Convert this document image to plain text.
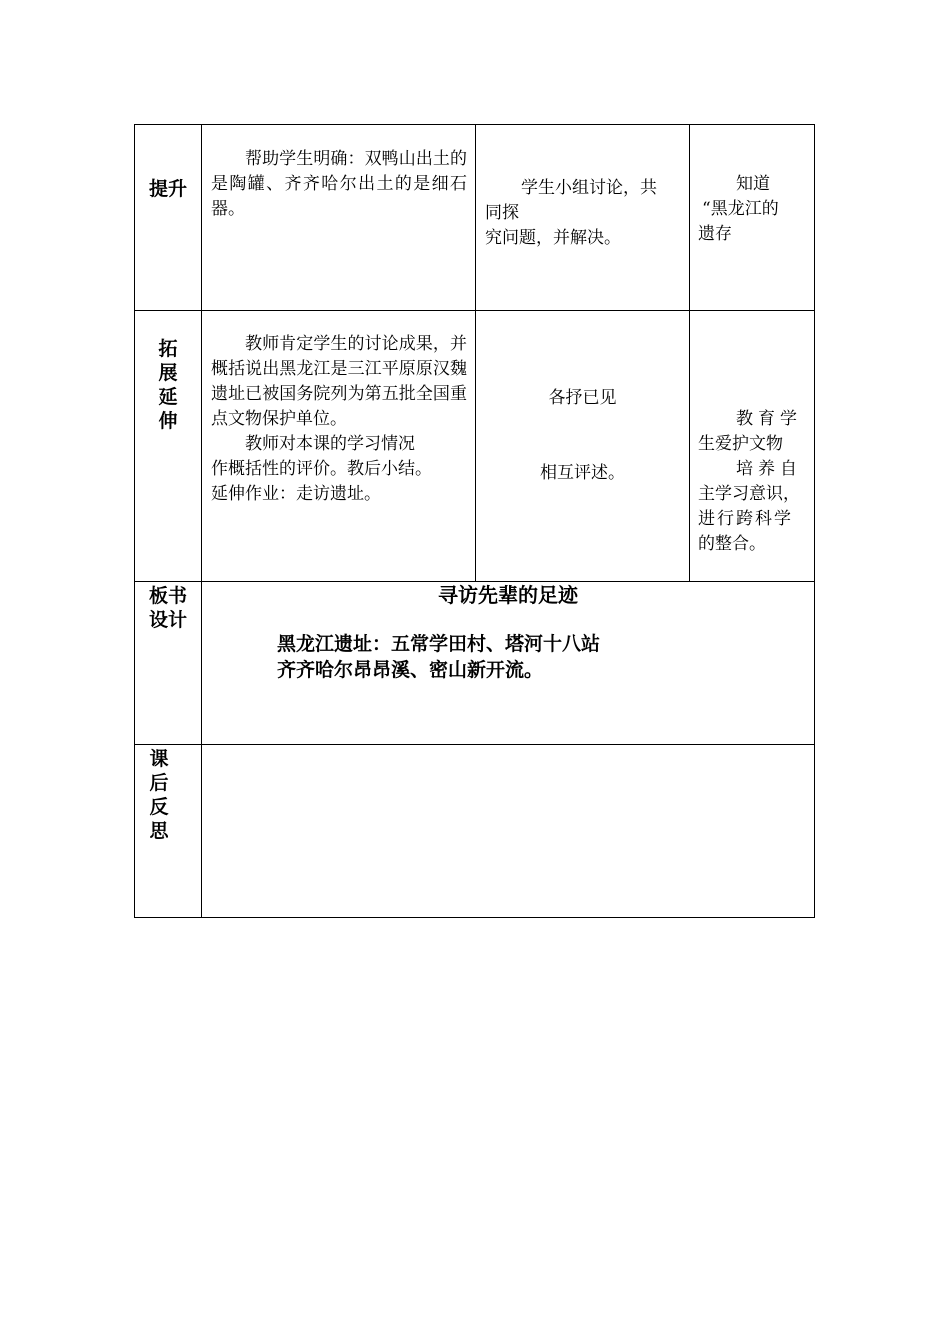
提升

帮助学生明确：双鸭山出土的是陶罐、齐齐哈尔出土的是细石器。

学生小组讨论，共
同探
究问题，并解决。
知道
“黑龙江的
遗存
拓
展
延
伸

教师肯定学生的讨论成果，并概括说出黑龙江是三江平原原汉魏遗址已被国务院列为第五批全国重点文物保护单位。

教师对本课的学习情况
作概括性的评价。教后小结。
延伸作业：走访遗址。
各抒已见
相互评述。
教育学
生爱护文物
培养自
主学习意识，
进行跨科学
的整合。
板书
设计
寻访先辈的足迹
黑龙江遗址：五常学田村、塔河十八站
齐齐哈尔昂昂溪、密山新开流。
课
后
反
思
